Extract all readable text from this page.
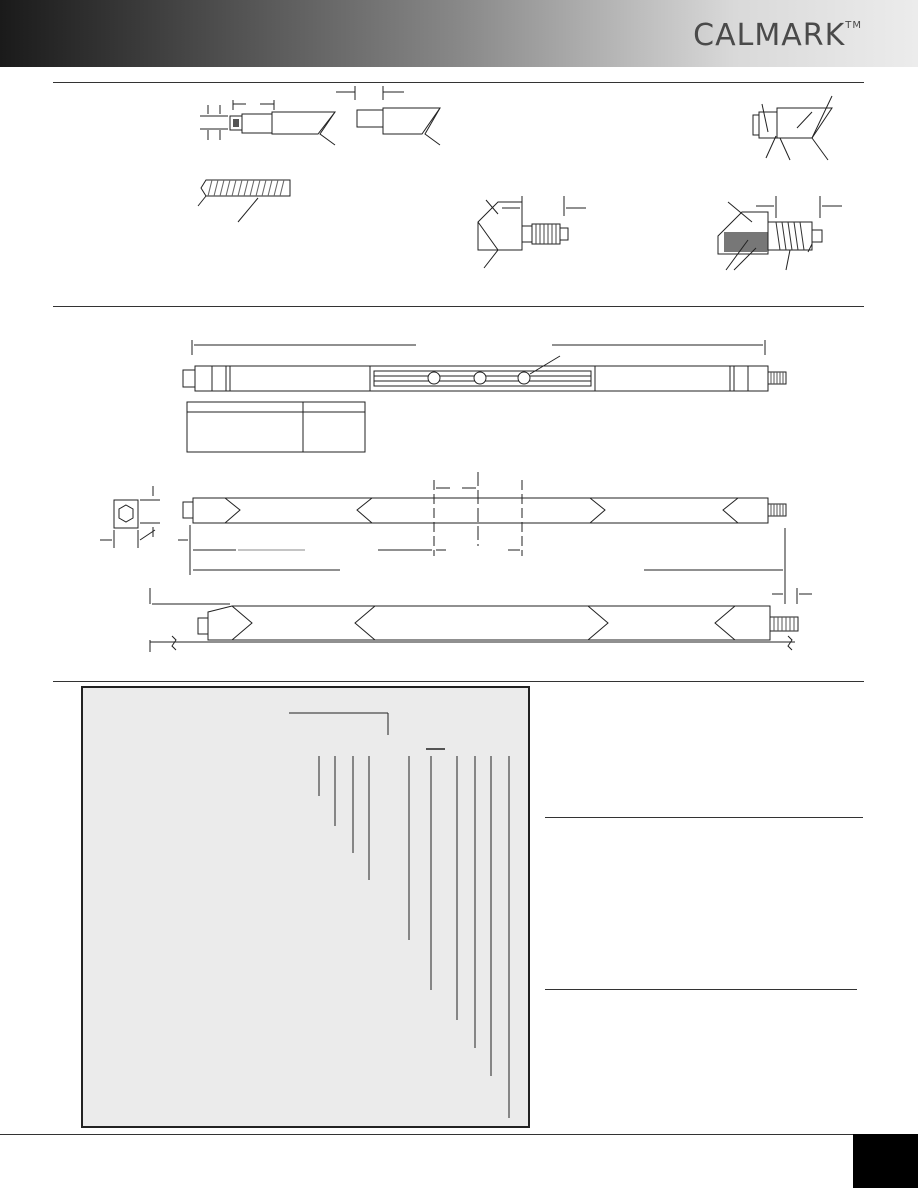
CALMARK™
